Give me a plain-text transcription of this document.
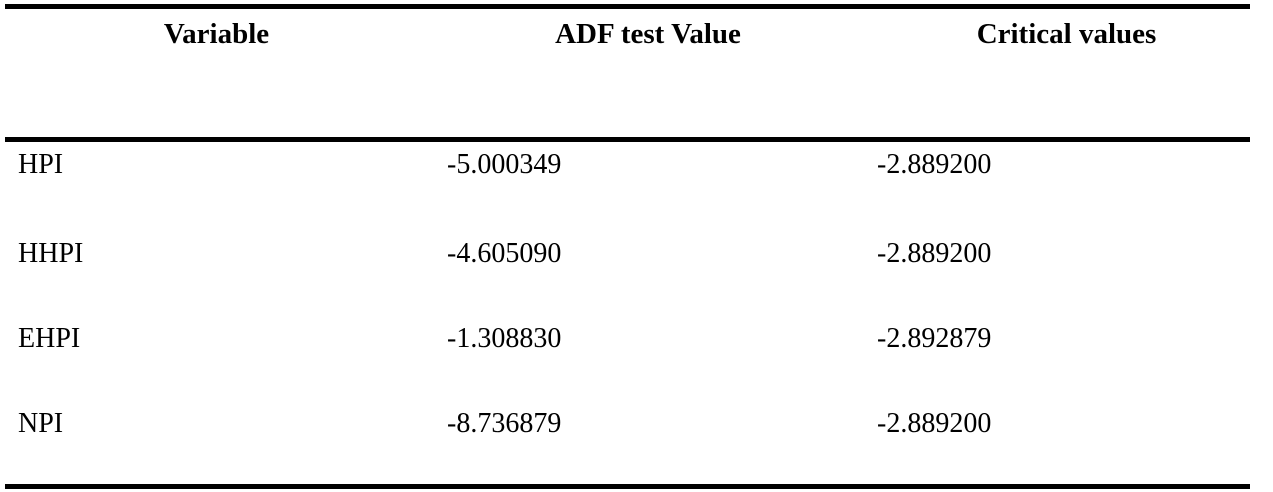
Variable	ADF test Value	Critical values
HPI	-5.000349	-2.889200
HHPI	-4.605090	-2.889200
EHPI	-1.308830	-2.892879
NPI	-8.736879	-2.889200
